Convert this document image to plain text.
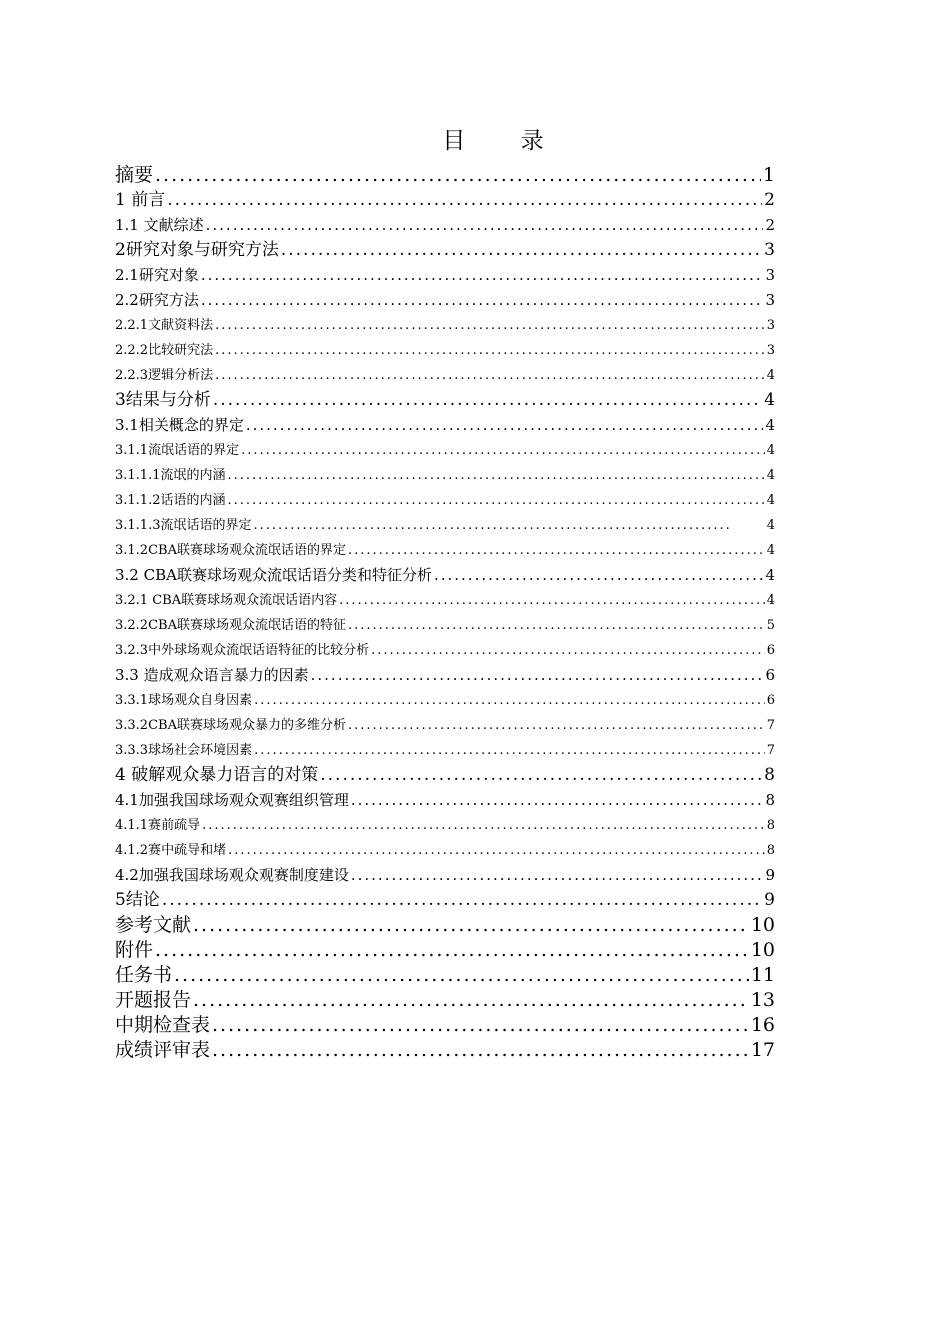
目 录
摘要 .....	1
1 前言 .....	2
1.1 文献综述 .....	2
2研究对象与研究方法 .....	3
2.1研究对象 .....	3
2.2研究方法 .....	3
2.2.1文献资料法 .....	3
2.2.2比较研究法 .....	3
2.2.3逻辑分析法 .....	4
3结果与分析 .....	4
3.1相关概念的界定 .....	4
3.1.1流氓话语的界定 .....	4
3.1.1.1流氓的内涵 .....	4
3.1.1.2话语的内涵 .....	4
3.1.1.3流氓话语的界定 .....	4
3.1.2CBA联赛球场观众流氓话语的界定 .....	4
3.2 CBA联赛球场观众流氓话语分类和特征分析 .....	4
3.2.1 CBA联赛球场观众流氓话语内容 .....	4
3.2.2CBA联赛球场观众流氓话语的特征 .....	5
3.2.3中外球场观众流氓话语特征的比较分析 .....	6
3.3 造成观众语言暴力的因素 .....	6
3.3.1球场观众自身因素 .....	6
3.3.2CBA联赛球场观众暴力的多维分析 .....	7
3.3.3球场社会环境因素 .....	7
4 破解观众暴力语言的对策 .....	8
4.1加强我国球场观众观赛组织管理 .....	8
4.1.1赛前疏导 .....	8
4.1.2赛中疏导和堵 .....	8
4.2加强我国球场观众观赛制度建设 .....	9
5结论 .....	9
参考文献 .....	10
附件 .....	10
任务书 .....	11
开题报告 .....	13
中期检查表 .....	16
成绩评审表 .....	17
